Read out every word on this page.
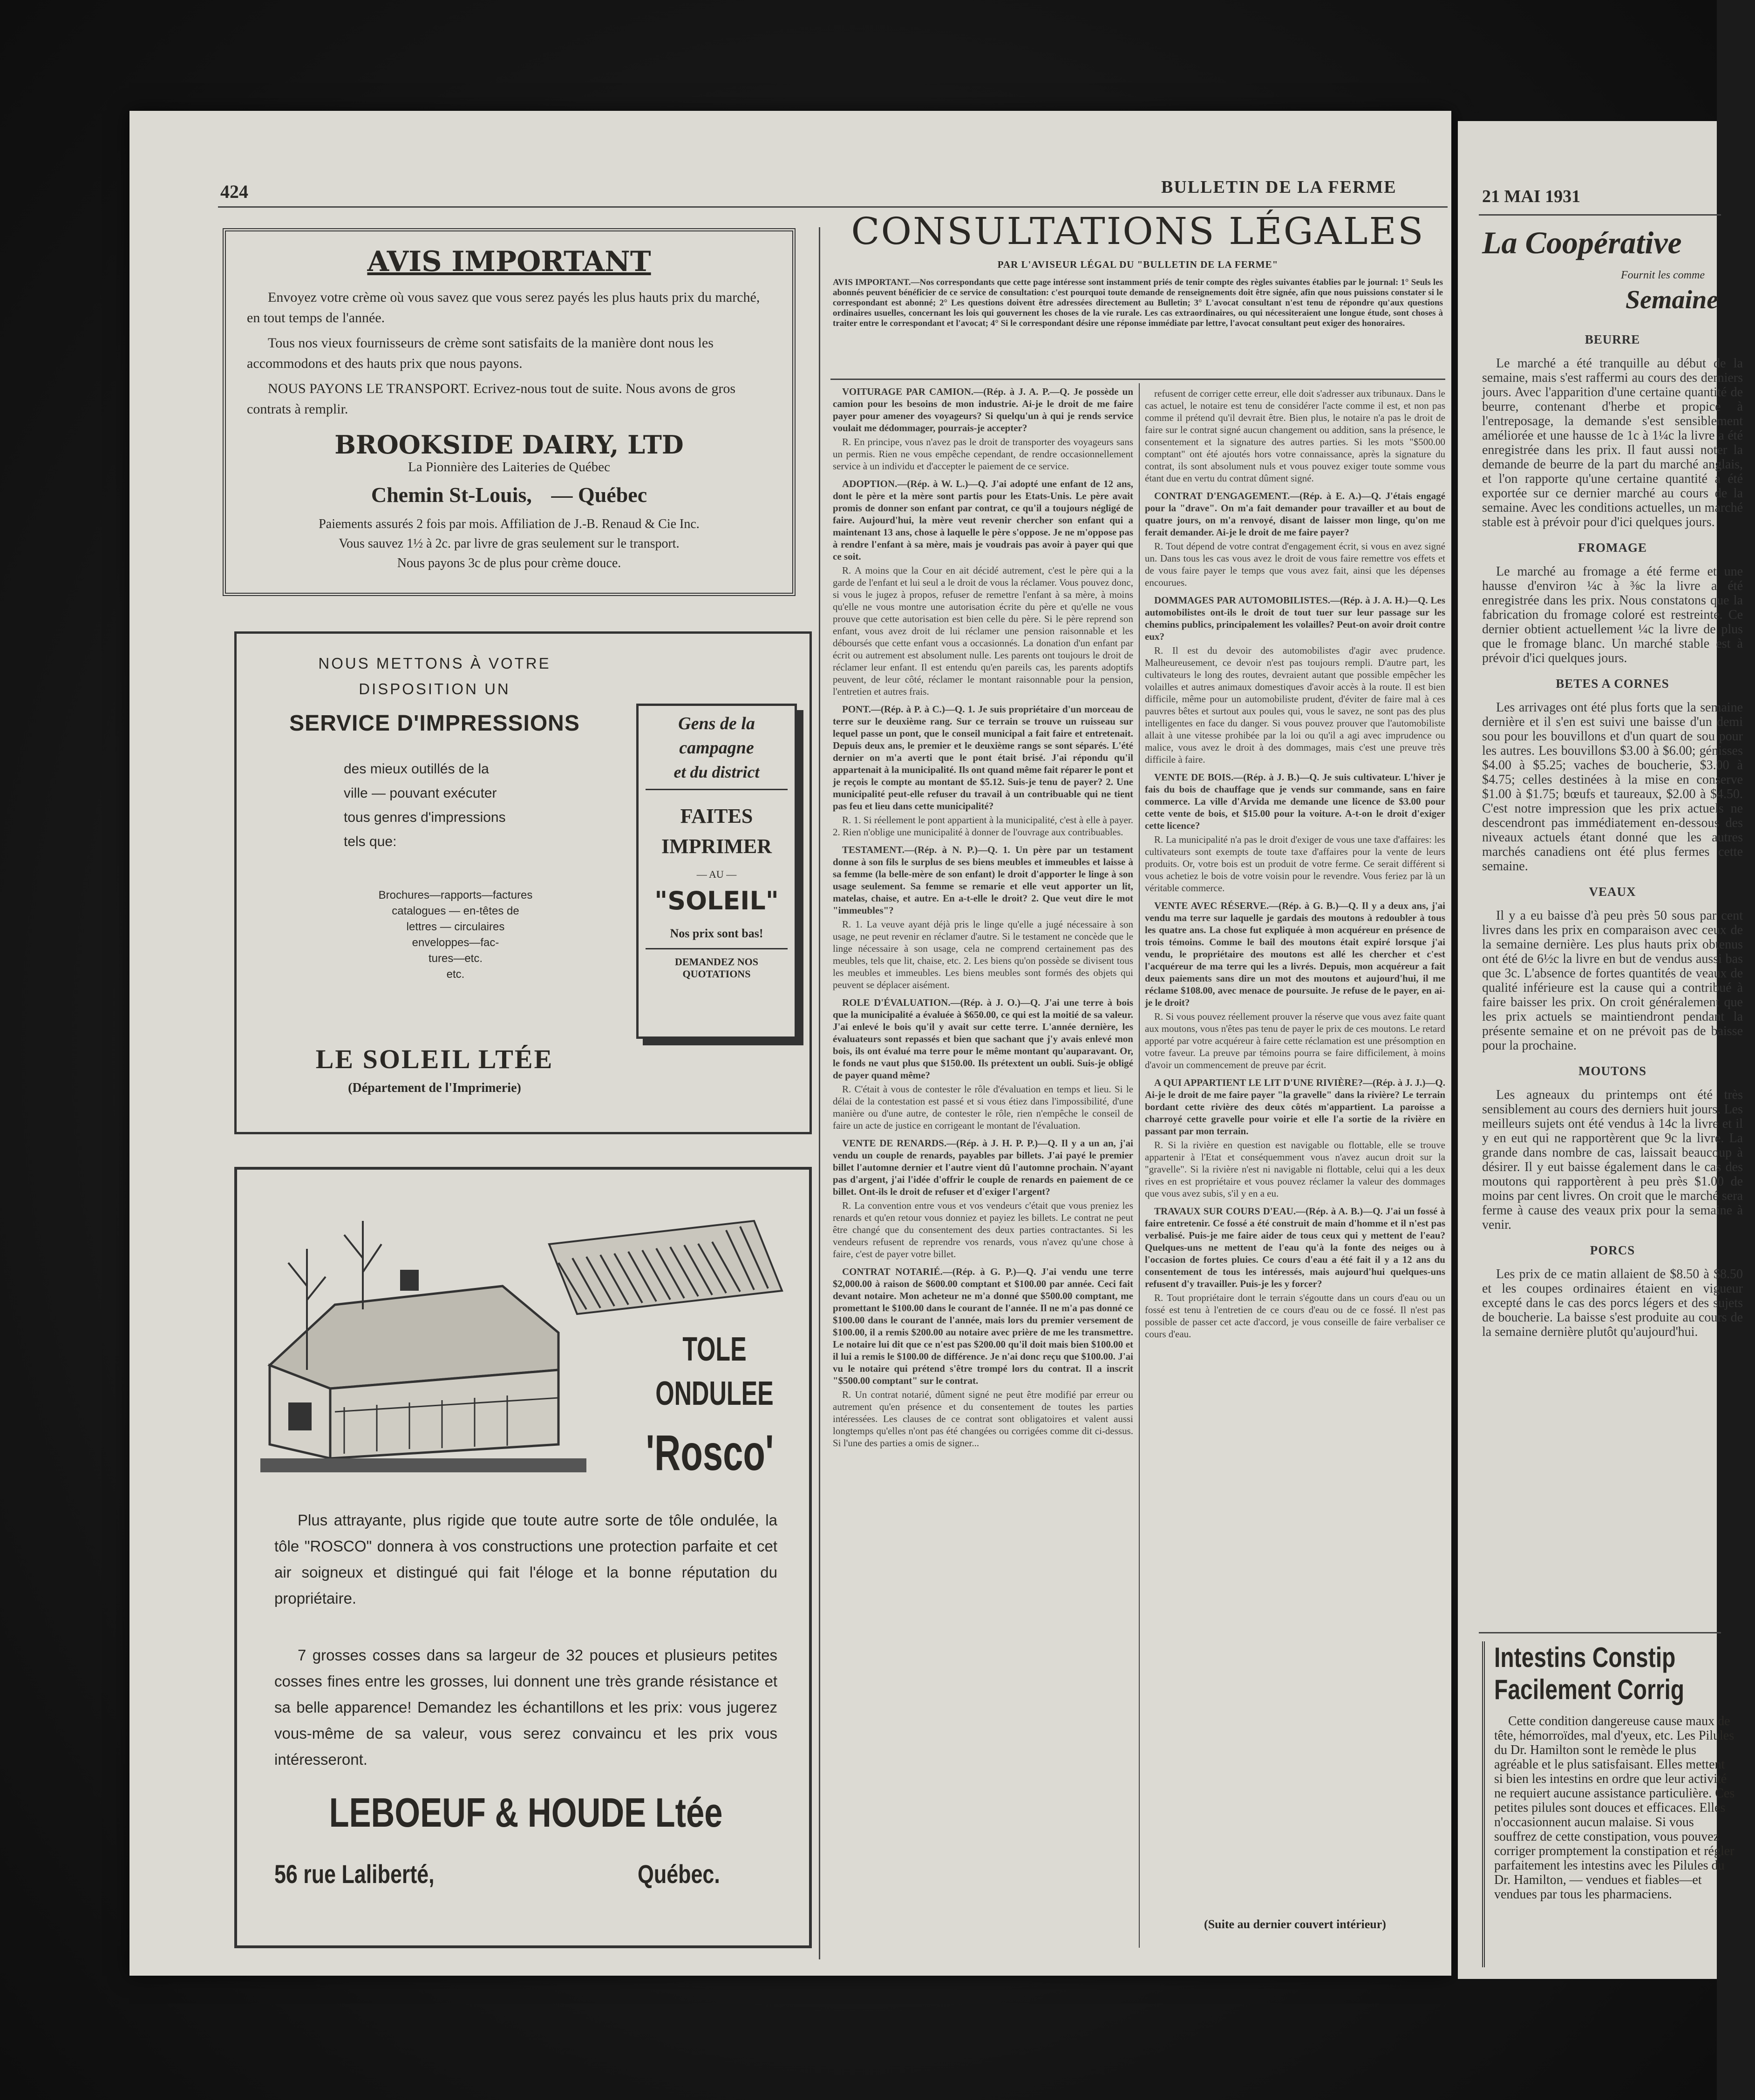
424	BULLETIN DE LA FERME
AVIS IMPORTANT
Envoyez votre crème où vous savez que vous serez payés les plus hauts prix du marché, en tout temps de l'année.
Tous nos vieux fournisseurs de crème sont satisfaits de la manière dont nous les accommodons et des hauts prix que nous payons.
NOUS PAYONS LE TRANSPORT. Ecrivez-nous tout de suite. Nous avons de gros contrats à remplir.
BROOKSIDE DAIRY, LTD
La Pionnière des Laiteries de Québec
Chemin St-Louis, — Québec
Paiements assurés 2 fois par mois. Affiliation de J.-B. Renaud & Cie Inc.
Vous sauvez 1½ à 2c. par livre de gras seulement sur le transport.
Nous payons 3c de plus pour crème douce.
NOUS METTONS À VOTRE
DISPOSITION UN
SERVICE D'IMPRESSIONS
des mieux outillés de la
ville — pouvant exécuter
tous genres d'impressions
tels que:
Brochures—rapports—factures
catalogues — en-têtes de
lettres — circulaires
enveloppes—fac-
tures—etc.
etc.
LE SOLEIL LTÉE
(Département de l'Imprimerie)
Gens de la
campagne
et du district
FAITES
IMPRIMER
— AU —
"SOLEIL"
Nos prix sont bas!
DEMANDEZ NOS QUOTATIONS
TOLE
ONDULEE
'Rosco'
Plus attrayante, plus rigide que toute autre sorte de tôle ondulée, la tôle "ROSCO" donnera à vos constructions une protection parfaite et cet air soigneux et distingué qui fait l'éloge et la bonne réputation du propriétaire.
7 grosses cosses dans sa largeur de 32 pouces et plusieurs petites cosses fines entre les grosses, lui donnent une très grande résistance et sa belle apparence! Demandez les échantillons et les prix: vous jugerez vous-même de sa valeur, vous serez convaincu et les prix vous intéresseront.
LEBOEUF & HOUDE Ltée
56 rue Laliberté,	Québec.
CONSULTATIONS LÉGALES
PAR L'AVISEUR LÉGAL DU "BULLETIN DE LA FERME"
AVIS IMPORTANT.—Nos correspondants que cette page intéresse sont instamment priés de tenir compte des règles suivantes établies par le journal: 1° Seuls les abonnés peuvent bénéficier de ce service de consultation: c'est pourquoi toute demande de renseignements doit être signée, afin que nous puissions constater si le correspondant est abonné; 2° Les questions doivent être adressées directement au Bulletin; 3° L'avocat consultant n'est tenu de répondre qu'aux questions ordinaires usuelles, concernant les lois qui gouvernent les choses de la vie rurale. Les cas extraordinaires, ou qui nécessiteraient une longue étude, sont choses à traiter entre le correspondant et l'avocat; 4° Si le correspondant désire une réponse immédiate par lettre, l'avocat consultant peut exiger des honoraires.
VOITURAGE PAR CAMION.—(Rép. à J. A. P.—Q. Je possède un camion pour les besoins de mon industrie. Ai-je le droit de me faire payer pour amener des voyageurs? Si quelqu'un à qui je rends service voulait me dédommager, pourrais-je accepter?
R. En principe, vous n'avez pas le droit de transporter des voyageurs sans un permis. Rien ne vous empêche cependant, de rendre occasionnellement service à un individu et d'accepter le paiement de ce service.
ADOPTION.—(Rép. à W. L.)—Q. J'ai adopté une enfant de 12 ans, dont le père et la mère sont partis pour les Etats-Unis. Le père avait promis de donner son enfant par contrat, ce qu'il a toujours négligé de faire. Aujourd'hui, la mère veut revenir chercher son enfant qui a maintenant 13 ans, chose à laquelle le père s'oppose. Je ne m'oppose pas à rendre l'enfant à sa mère, mais je voudrais pas avoir à payer qui que ce soit.
R. A moins que la Cour en ait décidé autrement, c'est le père qui a la garde de l'enfant et lui seul a le droit de vous la réclamer. Vous pouvez donc, si vous le jugez à propos, refuser de remettre l'enfant à sa mère, à moins qu'elle ne vous montre une autorisation écrite du père et qu'elle ne vous prouve que cette autorisation est bien celle du père. Si le père reprend son enfant, vous avez droit de lui réclamer une pension raisonnable et les déboursés que cette enfant vous a occasionnés. La donation d'un enfant par écrit ou autrement est absolument nulle. Les parents ont toujours le droit de réclamer leur enfant. Il est entendu qu'en pareils cas, les parents adoptifs peuvent, de leur côté, réclamer le montant raisonnable pour la pension, l'entretien et autres frais.
PONT.—(Rép. à P. à C.)—Q. 1. Je suis propriétaire d'un morceau de terre sur le deuxième rang. Sur ce terrain se trouve un ruisseau sur lequel passe un pont, que le conseil municipal a fait faire et entretenait. Depuis deux ans, le premier et le deuxième rangs se sont séparés. L'été dernier on m'a averti que le pont était brisé. J'ai répondu qu'il appartenait à la municipalité. Ils ont quand même fait réparer le pont et je reçois le compte au montant de $5.12. Suis-je tenu de payer? 2. Une municipalité peut-elle refuser du travail à un contribuable qui ne tient pas feu et lieu dans cette municipalité?
R. 1. Si réellement le pont appartient à la municipalité, c'est à elle à payer. 2. Rien n'oblige une municipalité à donner de l'ouvrage aux contribuables.
TESTAMENT.—(Rép. à N. P.)—Q. 1. Un père par un testament donne à son fils le surplus de ses biens meubles et immeubles et laisse à sa femme (la belle-mère de son enfant) le droit d'apporter le linge à son usage seulement. Sa femme se remarie et elle veut apporter un lit, matelas, chaise, et autre. En a-t-elle le droit? 2. Que veut dire le mot "immeubles"?
R. 1. La veuve ayant déjà pris le linge qu'elle a jugé nécessaire à son usage, ne peut revenir en réclamer d'autre. Si le testament ne concède que le linge nécessaire à son usage, cela ne comprend certainement pas des meubles, tels que lit, chaise, etc. 2. Les biens qu'on possède se divisent tous les meubles et immeubles. Les biens meubles sont formés des objets qui peuvent se déplacer aisément.
ROLE D'ÉVALUATION.—(Rép. à J. O.)—Q. J'ai une terre à bois que la municipalité a évaluée à $650.00, ce qui est la moitié de sa valeur. J'ai enlevé le bois qu'il y avait sur cette terre. L'année dernière, les évaluateurs sont repassés et bien que sachant que j'y avais enlevé mon bois, ils ont évalué ma terre pour le même montant qu'auparavant. Or, le fonds ne vaut plus que $150.00. Ils prétextent un oubli. Suis-je obligé de payer quand même?
R. C'était à vous de contester le rôle d'évaluation en temps et lieu. Si le délai de la contestation est passé et si vous étiez dans l'impossibilité, d'une manière ou d'une autre, de contester le rôle, rien n'empêche le conseil de faire un acte de justice en corrigeant le montant de l'évaluation.
VENTE DE RENARDS.—(Rép. à J. H. P. P.)—Q. Il y a un an, j'ai vendu un couple de renards, payables par billets. J'ai payé le premier billet l'automne dernier et l'autre vient dû l'automne prochain. N'ayant pas d'argent, j'ai l'idée d'offrir le couple de renards en paiement de ce billet. Ont-ils le droit de refuser et d'exiger l'argent?
R. La convention entre vous et vos vendeurs c'était que vous preniez les renards et qu'en retour vous donniez et payiez les billets. Le contrat ne peut être changé que du consentement des deux parties contractantes. Si les vendeurs refusent de reprendre vos renards, vous n'avez qu'une chose à faire, c'est de payer votre billet.
CONTRAT NOTARIÉ.—(Rép. à G. P.)—Q. J'ai vendu une terre $2,000.00 à raison de $600.00 comptant et $100.00 par année. Ceci fait devant notaire. Mon acheteur ne m'a donné que $500.00 comptant, me promettant le $100.00 dans le courant de l'année. Il ne m'a pas donné ce $100.00 dans le courant de l'année, mais lors du premier versement de $100.00, il a remis $200.00 au notaire avec prière de me les transmettre. Le notaire lui dit que ce n'est pas $200.00 qu'il doit mais bien $100.00 et il lui a remis le $100.00 de différence. Je n'ai donc reçu que $100.00. J'ai vu le notaire qui prétend s'être trompé lors du contrat. Il a inscrit "$500.00 comptant" sur le contrat.
R. Un contrat notarié, dûment signé ne peut être modifié par erreur ou autrement qu'en présence et du consentement de toutes les parties intéressées. Les clauses de ce contrat sont obligatoires et valent aussi longtemps qu'elles n'ont pas été changées ou corrigées comme dit ci-dessus. Si l'une des parties a omis de signer...
refusent de corriger cette erreur, elle doit s'adresser aux tribunaux. Dans le cas actuel, le notaire est tenu de considérer l'acte comme il est, et non pas comme il prétend qu'il devrait être. Bien plus, le notaire n'a pas le droit de faire sur le contrat signé aucun changement ou addition, sans la présence, le consentement et la signature des autres parties. Si les mots "$500.00 comptant" ont été ajoutés hors votre connaissance, après la signature du contrat, ils sont absolument nuls et vous pouvez exiger toute somme vous étant due en vertu du contrat dûment signé.
CONTRAT D'ENGAGEMENT.—(Rép. à E. A.)—Q. J'étais engagé pour la "drave". On m'a fait demander pour travailler et au bout de quatre jours, on m'a renvoyé, disant de laisser mon linge, qu'on me ferait demander. Ai-je le droit de me faire payer?
R. Tout dépend de votre contrat d'engagement écrit, si vous en avez signé un. Dans tous les cas vous avez le droit de vous faire remettre vos effets et de vous faire payer le temps que vous avez fait, ainsi que les dépenses encourues.
DOMMAGES PAR AUTOMOBILISTES.—(Rép. à J. A. H.)—Q. Les automobilistes ont-ils le droit de tout tuer sur leur passage sur les chemins publics, principalement les volailles? Peut-on avoir droit contre eux?
R. Il est du devoir des automobilistes d'agir avec prudence. Malheureusement, ce devoir n'est pas toujours rempli. D'autre part, les cultivateurs le long des routes, devraient autant que possible empêcher les volailles et autres animaux domestiques d'avoir accès à la route. Il est bien difficile, même pour un automobiliste prudent, d'éviter de faire mal à ces pauvres bêtes et surtout aux poules qui, vous le savez, ne sont pas des plus intelligentes en face du danger. Si vous pouvez prouver que l'automobiliste allait à une vitesse prohibée par la loi ou qu'il a agi avec imprudence ou malice, vous avez le droit à des dommages, mais c'est une preuve très difficile à faire.
VENTE DE BOIS.—(Rép. à J. B.)—Q. Je suis cultivateur. L'hiver je fais du bois de chauffage que je vends sur commande, sans en faire commerce. La ville d'Arvida me demande une licence de $3.00 pour cette vente de bois, et $15.00 pour la voiture. A-t-on le droit d'exiger cette licence?
R. La municipalité n'a pas le droit d'exiger de vous une taxe d'affaires: les cultivateurs sont exempts de toute taxe d'affaires pour la vente de leurs produits. Or, votre bois est un produit de votre ferme. Ce serait différent si vous achetiez le bois de votre voisin pour le revendre. Vous feriez par là un véritable commerce.
VENTE AVEC RÉSERVE.—(Rép. à G. B.)—Q. Il y a deux ans, j'ai vendu ma terre sur laquelle je gardais des moutons à redoubler à tous les quatre ans. La chose fut expliquée à mon acquéreur en présence de trois témoins. Comme le bail des moutons était expiré lorsque j'ai vendu, le propriétaire des moutons est allé les chercher et c'est l'acquéreur de ma terre qui les a livrés. Depuis, mon acquéreur a fait deux paiements sans dire un mot des moutons et aujourd'hui, il me réclame $108.00, avec menace de poursuite. Je refuse de le payer, en ai-je le droit?
R. Si vous pouvez réellement prouver la réserve que vous avez faite quant aux moutons, vous n'êtes pas tenu de payer le prix de ces moutons. Le retard apporté par votre acquéreur à faire cette réclamation est une présomption en votre faveur. La preuve par témoins pourra se faire difficilement, à moins d'avoir un commencement de preuve par écrit.
A QUI APPARTIENT LE LIT D'UNE RIVIÈRE?—(Rép. à J. J.)—Q. Ai-je le droit de me faire payer "la gravelle" dans la rivière? Le terrain bordant cette rivière des deux côtés m'appartient. La paroisse a charroyé cette gravelle pour voirie et elle l'a sortie de la rivière en passant par mon terrain.
R. Si la rivière en question est navigable ou flottable, elle se trouve appartenir à l'Etat et conséquemment vous n'avez aucun droit sur la "gravelle". Si la rivière n'est ni navigable ni flottable, celui qui a les deux rives en est propriétaire et vous pouvez réclamer la valeur des dommages que vous avez subis, s'il y en a eu.
TRAVAUX SUR COURS D'EAU.—(Rép. à A. B.)—Q. J'ai un fossé à faire entretenir. Ce fossé a été construit de main d'homme et il n'est pas verbalisé. Puis-je me faire aider de tous ceux qui y mettent de l'eau? Quelques-uns ne mettent de l'eau qu'à la fonte des neiges ou à l'occasion de fortes pluies. Ce cours d'eau a été fait il y a 12 ans du consentement de tous les intéressés, mais aujourd'hui quelques-uns refusent d'y travailler. Puis-je les y forcer?
R. Tout propriétaire dont le terrain s'égoutte dans un cours d'eau ou un fossé est tenu à l'entretien de ce cours d'eau ou de ce fossé. Il n'est pas possible de passer cet acte d'accord, je vous conseille de faire verbaliser ce cours d'eau.
(Suite au dernier couvert intérieur)
21 MAI 1931
La Coopérative
Fournit les comme
Semaine
BEURRE
Le marché a été tranquille au début de la semaine, mais s'est raffermi au cours des derniers jours. Avec l'apparition d'une certaine quantité de beurre, contenant d'herbe et propice à l'entreposage, la demande s'est sensiblement améliorée et une hausse de 1c à 1¼c la livre a été enregistrée dans les prix. Il faut aussi noter la demande de beurre de la part du marché anglais, et l'on rapporte qu'une certaine quantité a été exportée sur ce dernier marché au cours de la semaine. Avec les conditions actuelles, un marché stable est à prévoir pour d'ici quelques jours.
FROMAGE
Le marché au fromage a été ferme et une hausse d'environ ¼c à ⅜c la livre a été enregistrée dans les prix. Nous constatons que la fabrication du fromage coloré est restreinte. Ce dernier obtient actuellement ¼c la livre de plus que le fromage blanc. Un marché stable est à prévoir d'ici quelques jours.
BETES A CORNES
Les arrivages ont été plus forts que la semaine dernière et il s'en est suivi une baisse d'un demi sou pour les bouvillons et d'un quart de sou pour les autres. Les bouvillons $3.00 à $6.00; génisses $4.00 à $5.25; vaches de boucherie, $3.00 à $4.75; celles destinées à la mise en conserve $1.00 à $1.75; bœufs et taureaux, $2.00 à $4.50. C'est notre impression que les prix actuels ne descendront pas immédiatement en-dessous des niveaux actuels étant donné que les autres marchés canadiens ont été plus fermes cette semaine.
VEAUX
Il y a eu baisse d'à peu près 50 sous par cent livres dans les prix en comparaison avec ceux de la semaine dernière. Les plus hauts prix obtenus ont été de 6½c la livre en but de vendus aussi bas que 3c. L'absence de fortes quantités de veaux de qualité inférieure est la cause qui a contribué à faire baisser les prix. On croit généralement que les prix actuels se maintiendront pendant la présente semaine et on ne prévoit pas de baisse pour la prochaine.
MOUTONS
Les agneaux du printemps ont été très sensiblement au cours des derniers huit jours. Les meilleurs sujets ont été vendus à 14c la livre et il y en eut qui ne rapportèrent que 9c la livre. La grande dans nombre de cas, laissait beaucoup à désirer. Il y eut baisse également dans le cas des moutons qui rapportèrent à peu près $1.00 de moins par cent livres. On croit que le marché sera ferme à cause des veaux prix pour la semaine à venir.
PORCS
Les prix de ce matin allaient de $8.50 à $8.50 et les coupes ordinaires étaient en vigueur excepté dans le cas des porcs légers et des sujets de boucherie. La baisse s'est produite au cours de la semaine dernière plutôt qu'aujourd'hui.
Intestins Constip
Facilement Corrig
Cette condition dangereuse cause maux de tête, hémorroïdes, mal d'yeux, etc. Les Pilules du Dr. Hamilton sont le remède le plus agréable et le plus satisfaisant. Elles mettent si bien les intestins en ordre que leur activité ne requiert aucune assistance particulière. Ces petites pilules sont douces et efficaces. Elles n'occasionnent aucun malaise. Si vous souffrez de cette constipation, vous pouvez corriger promptement la constipation et régler parfaitement les intestins avec les Pilules du Dr. Hamilton, — vendues et fiables—et vendues par tous les pharmaciens.
